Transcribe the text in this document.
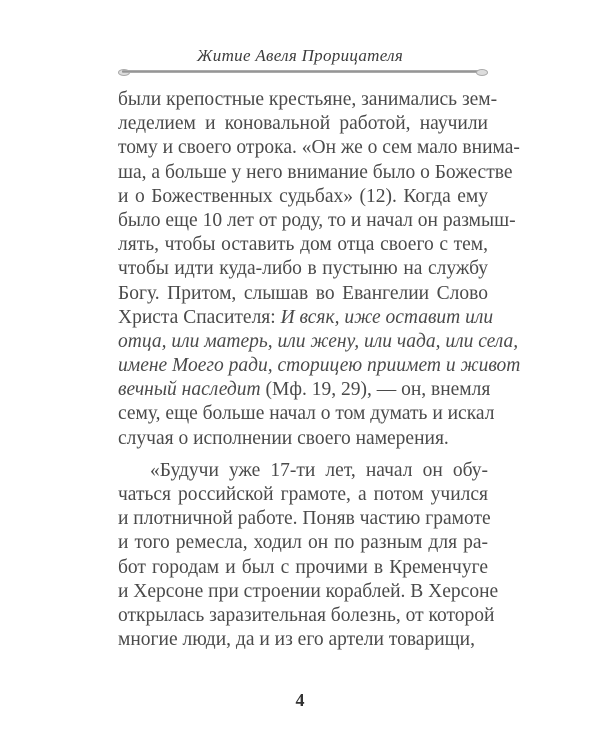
Житие Авеля Прорицателя
были крепостные крестьяне, занимались зем-
леделием и коновальной работой, научили
тому и своего отрока. «Он же о сем мало внима-
ша, а больше у него внимание было о Божестве
и о Божественных судьбах» (12). Когда ему
было еще 10 лет от роду, то и начал он размыш-
лять, чтобы оставить дом отца своего с тем,
чтобы идти куда-либо в пустыню на службу
Богу. Притом, слышав во Евангелии Слово
Христа Спасителя: И всяк, иже оставит или
отца, или матерь, или жену, или чада, или села,
имене Моего ради, сторицею приимет и живот
вечный наследит (Мф. 19, 29), — он, внемля
сему, еще больше начал о том думать и искал
случая о исполнении своего намерения.
«Будучи уже 17-ти лет, начал он обу-
чаться российской грамоте, а потом учился
и плотничной работе. Поняв частию грамоте
и того ремесла, ходил он по разным для ра-
бот городам и был с прочими в Кременчуге
и Херсоне при строении кораблей. В Херсоне
открылась заразительная болезнь, от которой
многие люди, да и из его артели товарищи,
4
